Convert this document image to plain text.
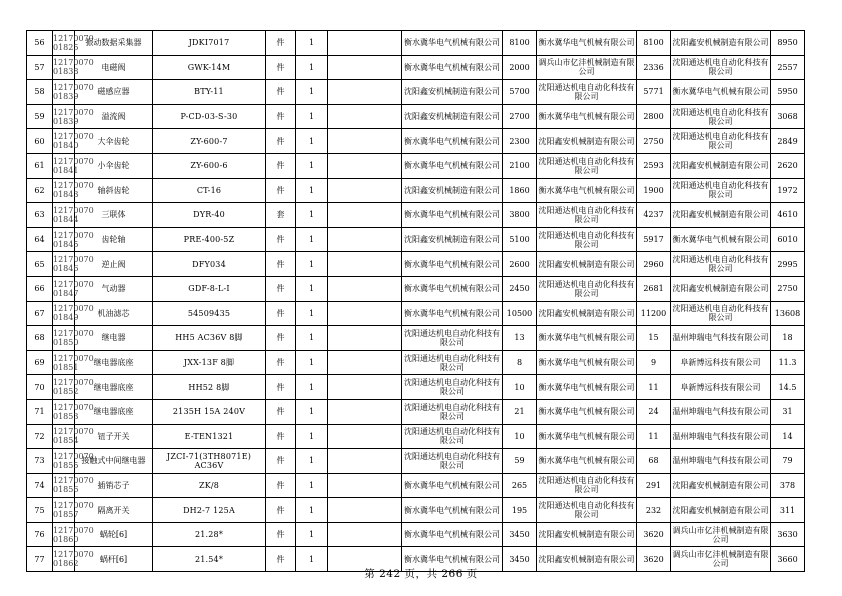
56	12170070 01825	振动数据采集器	JDKI7017	件	1		衡水冀华电气机械有限公司	8100	衡水冀华电气机械有限公司	8100	沈阳鑫安机械制造有限公司	8950
57	12170070 01838	电磁阀	GWK-14M	件	1		衡水冀华电气机械有限公司	2000	调兵山市亿沣机械制造有限公司	2336	沈阳通达机电自动化科技有限公司	2557
58	12170070 01839	磁感应器	BTY-11	件	1		沈阳鑫安机械制造有限公司	5700	沈阳通达机电自动化科技有限公司	5771	衡水冀华电气机械有限公司	5950
59	12170070 01839	溢流阀	P-CD-03-S-30	件	1		沈阳鑫安机械制造有限公司	2700	衡水冀华电气机械有限公司	2800	沈阳通达机电自动化科技有限公司	3068
60	12170070 01840	大伞齿轮	ZY-600-7	件	1		衡水冀华电气机械有限公司	2300	沈阳鑫安机械制造有限公司	2750	沈阳通达机电自动化科技有限公司	2849
61	12170070 01841	小伞齿轮	ZY-600-6	件	1		衡水冀华电气机械有限公司	2100	沈阳通达机电自动化科技有限公司	2593	沈阳鑫安机械制造有限公司	2620
62	12170070 01843	轴斜齿轮	CT-16	件	1		沈阳鑫安机械制造有限公司	1860	衡水冀华电气机械有限公司	1900	沈阳通达机电自动化科技有限公司	1972
63	12170070 01844	三联体	DYR-40	套	1		衡水冀华电气机械有限公司	3800	沈阳通达机电自动化科技有限公司	4237	沈阳鑫安机械制造有限公司	4610
64	12170070 01845	齿轮轴	PRE-400-5Z	件	1		沈阳鑫安机械制造有限公司	5100	沈阳通达机电自动化科技有限公司	5917	衡水冀华电气机械有限公司	6010
65	12170070 01846	逆止阀	DFY034	件	1		衡水冀华电气机械有限公司	2600	沈阳鑫安机械制造有限公司	2960	沈阳通达机电自动化科技有限公司	2995
66	12170070 01847	气动器	GDF-8-L-I	件	1		衡水冀华电气机械有限公司	2450	沈阳通达机电自动化科技有限公司	2681	沈阳鑫安机械制造有限公司	2750
67	12170070 01849	机油滤芯	54509435	件	1		衡水冀华电气机械有限公司	10500	沈阳鑫安机械制造有限公司	11200	沈阳通达机电自动化科技有限公司	13608
68	12170070 01850	继电器	HH5 AC36V 8脚	件	1		沈阳通达机电自动化科技有限公司	13	衡水冀华电气机械有限公司	15	温州坤瑞电气科技有限公司	18
69	12170070 01851	继电器底座	JXX-13F 8脚	件	1		沈阳通达机电自动化科技有限公司	8	衡水冀华电气机械有限公司	9	阜新博远科技有限公司	11.3
70	12170070 01852	继电器底座	HH52 8脚	件	1		沈阳通达机电自动化科技有限公司	10	衡水冀华电气机械有限公司	11	阜新博远科技有限公司	14.5
71	12170070 01853	继电器底座	2135H 15A 240V	件	1		沈阳通达机电自动化科技有限公司	21	衡水冀华电气机械有限公司	24	温州坤瑞电气科技有限公司	31
72	12170070 01854	钮子开关	E-TEN1321	件	1		沈阳通达机电自动化科技有限公司	10	衡水冀华电气机械有限公司	11	温州坤瑞电气科技有限公司	14
73	12170070 01855	接触式中间继电器	JZCI-71(3TH8071E) AC36V	件	1		沈阳通达机电自动化科技有限公司	59	衡水冀华电气机械有限公司	68	温州坤瑞电气科技有限公司	79
74	12170070 01856	插销芯子	ZK/8	件	1		衡水冀华电气机械有限公司	265	沈阳通达机电自动化科技有限公司	291	沈阳鑫安机械制造有限公司	378
75	12170070 01857	隔离开关	DH2-7 125A	件	1		衡水冀华电气机械有限公司	195	沈阳通达机电自动化科技有限公司	232	沈阳鑫安机械制造有限公司	311
76	12170070 01860	蜗轮[6]	21.28*	件	1		衡水冀华电气机械有限公司	3450	沈阳鑫安机械制造有限公司	3620	调兵山市亿沣机械制造有限公司	3630
77	12170070 01862	蜗杆[6]	21.54*	件	1		衡水冀华电气机械有限公司	3450	沈阳鑫安机械制造有限公司	3620	调兵山市亿沣机械制造有限公司	3660
第 242 页，共 266 页
